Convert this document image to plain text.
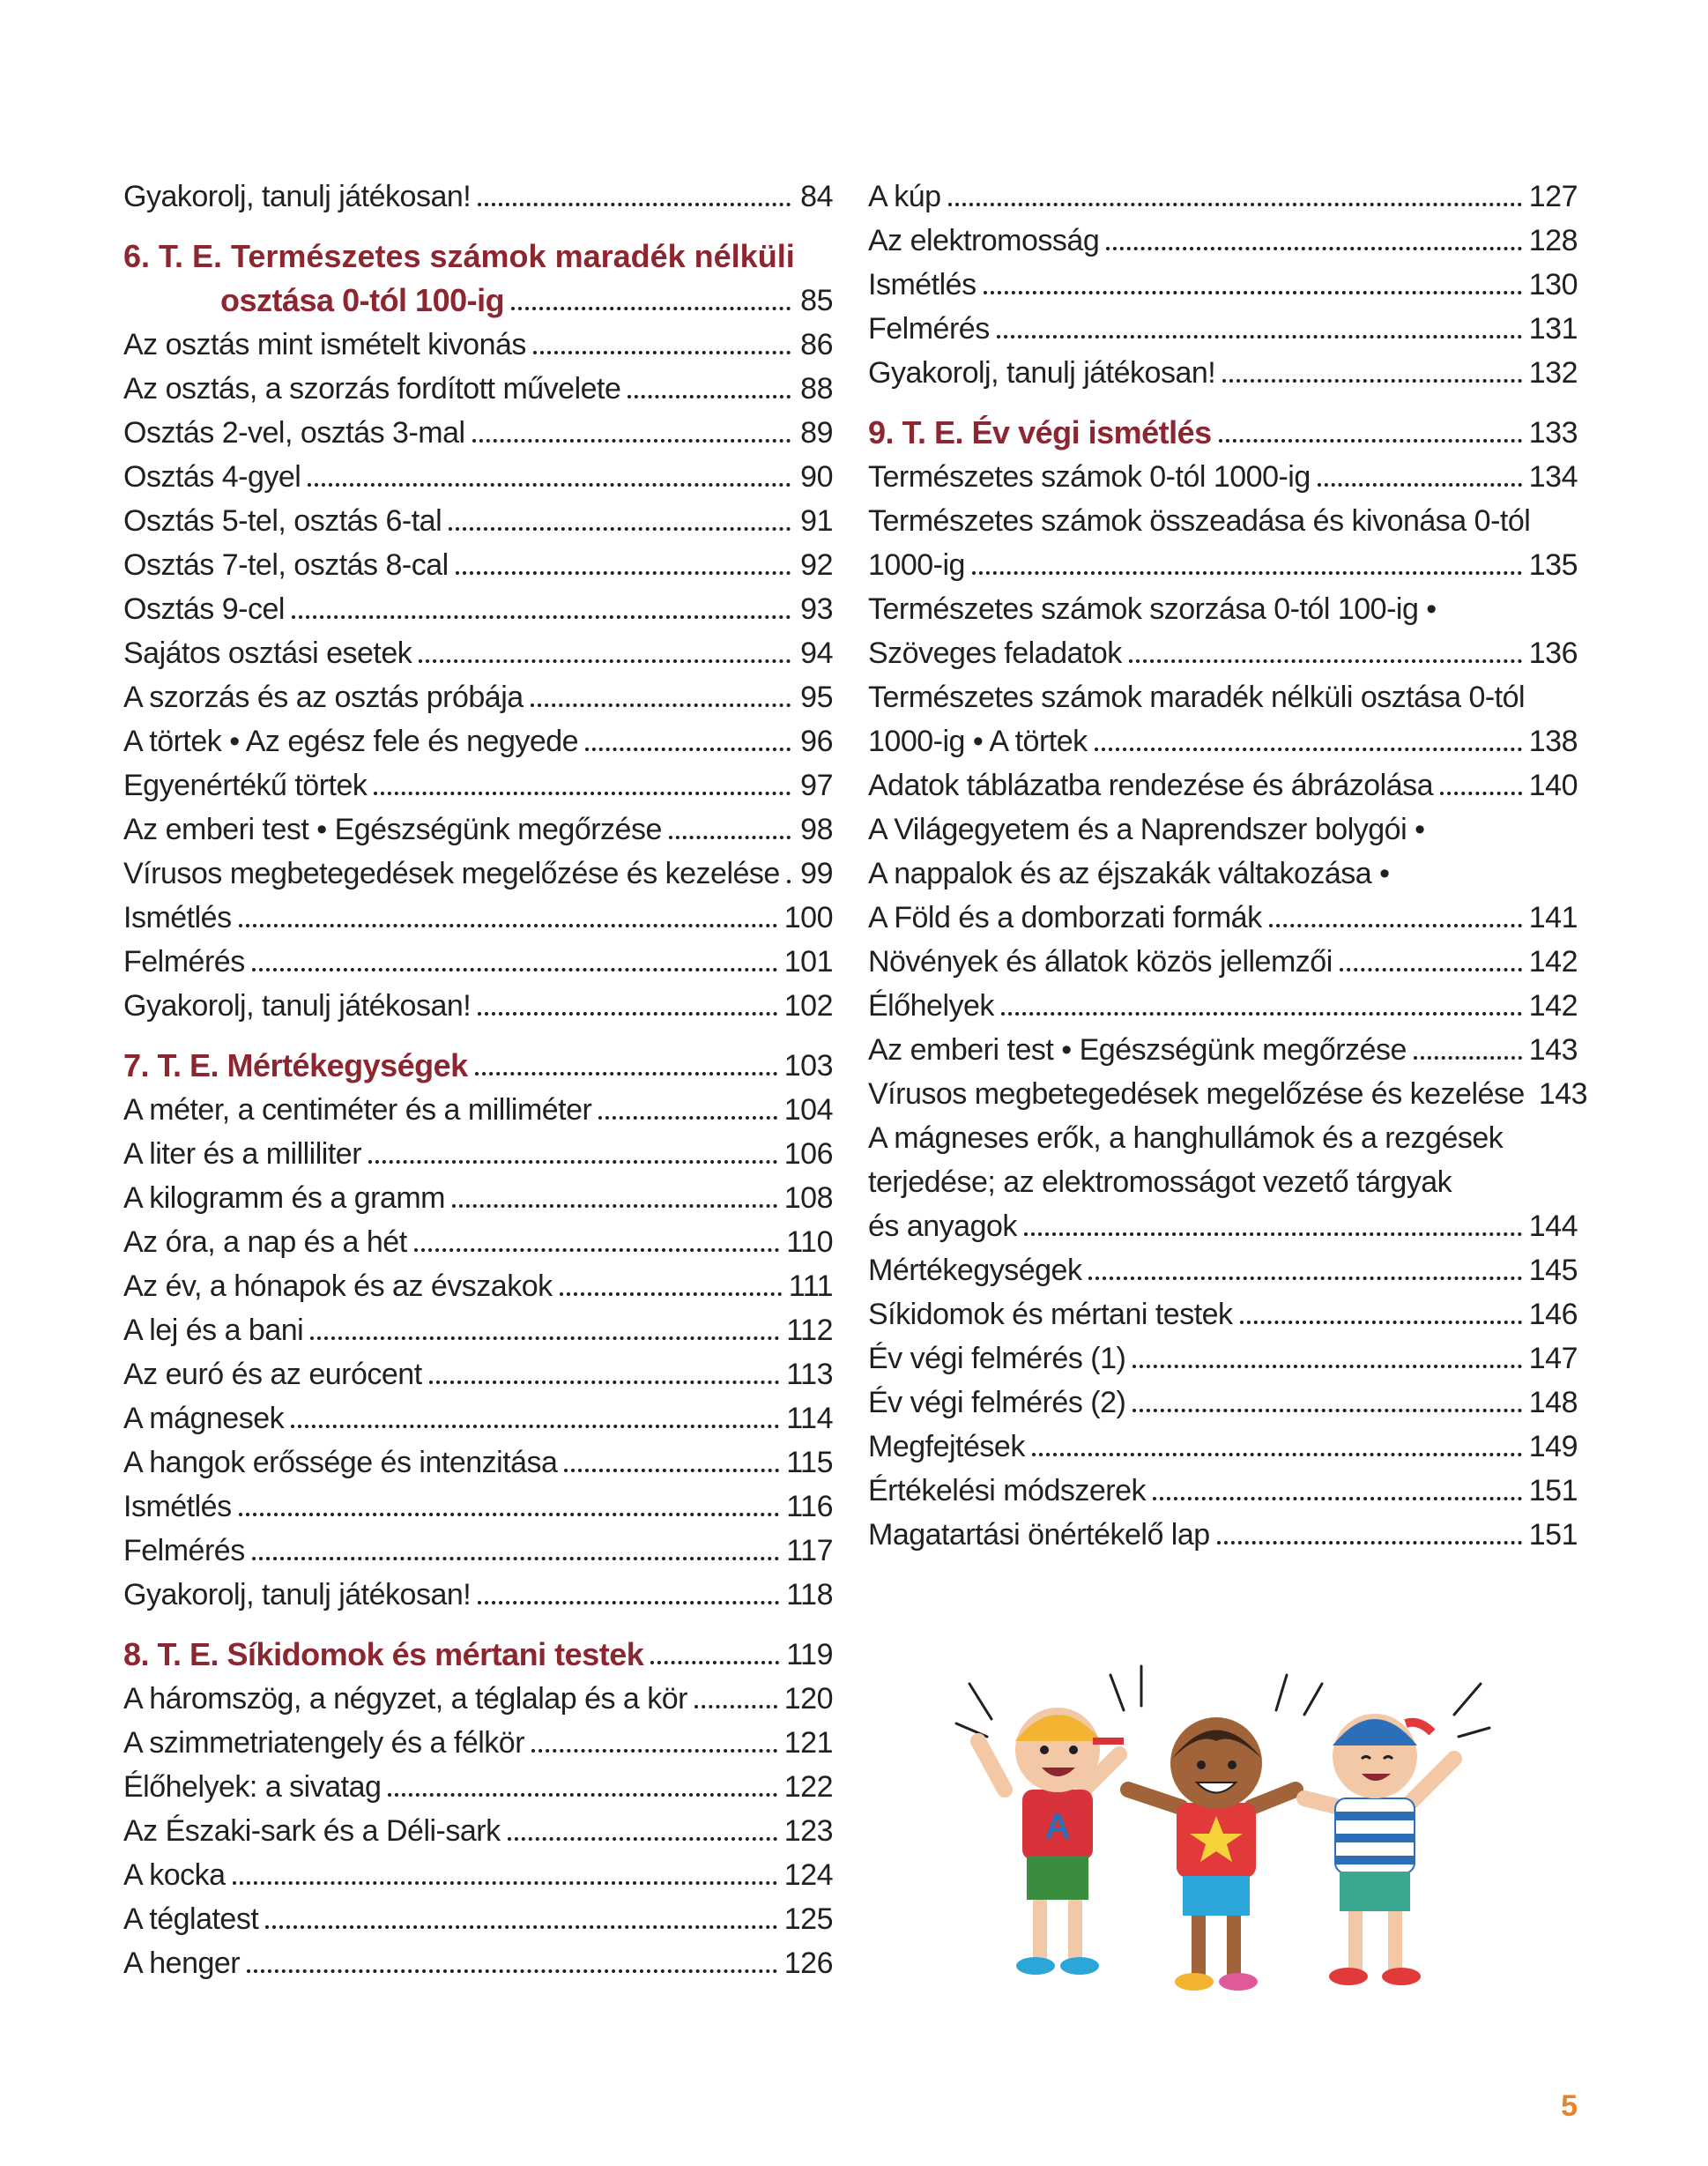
Gyakorolj, tanulj játékosan!	84
6. T. E. Természetes számok maradék nélküli
osztása 0-tól 100-ig	85
Az osztás mint ismételt kivonás	86
Az osztás, a szorzás fordított művelete	88
Osztás 2-vel, osztás 3-mal	89
Osztás 4-gyel	90
Osztás 5-tel, osztás 6-tal	91
Osztás 7-tel, osztás 8-cal	92
Osztás 9-cel	93
Sajátos osztási esetek	94
A szorzás és az osztás próbája	95
A törtek • Az egész fele és negyede	96
Egyenértékű törtek	97
Az emberi test • Egészségünk megőrzése	98
Vírusos megbetegedések megelőzése és kezelése 99
Ismétlés	100
Felmérés	101
Gyakorolj, tanulj játékosan!	102
7. T. E. Mértékegységek	103
A méter, a centiméter és a milliméter	104
A liter és a milliliter	106
A kilogramm és a gramm	108
Az óra, a nap és a hét	110
Az év, a hónapok és az évszakok	111
A lej és a bani	112
Az euró és az eurócent	113
A mágnesek	114
A hangok erőssége és intenzitása	115
Ismétlés	116
Felmérés	117
Gyakorolj, tanulj játékosan!	118
8. T. E. Síkidomok és mértani testek	119
A háromszög, a négyzet, a téglalap és a kör	120
A szimmetriatengely és a félkör	121
Élőhelyek: a sivatag	122
Az Északi-sark és a Déli-sark	123
A kocka	124
A téglatest	125
A henger	126
A kúp	127
Az elektromosság	128
Ismétlés	130
Felmérés	131
Gyakorolj, tanulj játékosan!	132
9. T. E. Év végi ismétlés	133
Természetes számok 0-tól 1000-ig	134
Természetes számok összeadása és kivonása 0-tól
1000-ig	135
Természetes számok szorzása 0-tól 100-ig •
Szöveges feladatok	136
Természetes számok maradék nélküli osztása 0-tól
1000-ig • A törtek	138
Adatok táblázatba rendezése és ábrázolása	140
A Világegyetem és a Naprendszer bolygói •
A nappalok és az éjszakák váltakozása •
A Föld és a domborzati formák	141
Növények és állatok közös jellemzői	142
Élőhelyek	142
Az emberi test • Egészségünk megőrzése	143
Vírusos megbetegedések megelőzése és kezelése 143
A mágneses erők, a hanghullámok és a rezgések
terjedése; az elektromosságot vezető tárgyak
és anyagok	144
Mértékegységek	145
Síkidomok és mértani testek	146
Év végi felmérés (1)	147
Év végi felmérés (2)	148
Megfejtések	149
Értékelési módszerek	151
Magatartási önértékelő lap	151
A
5
